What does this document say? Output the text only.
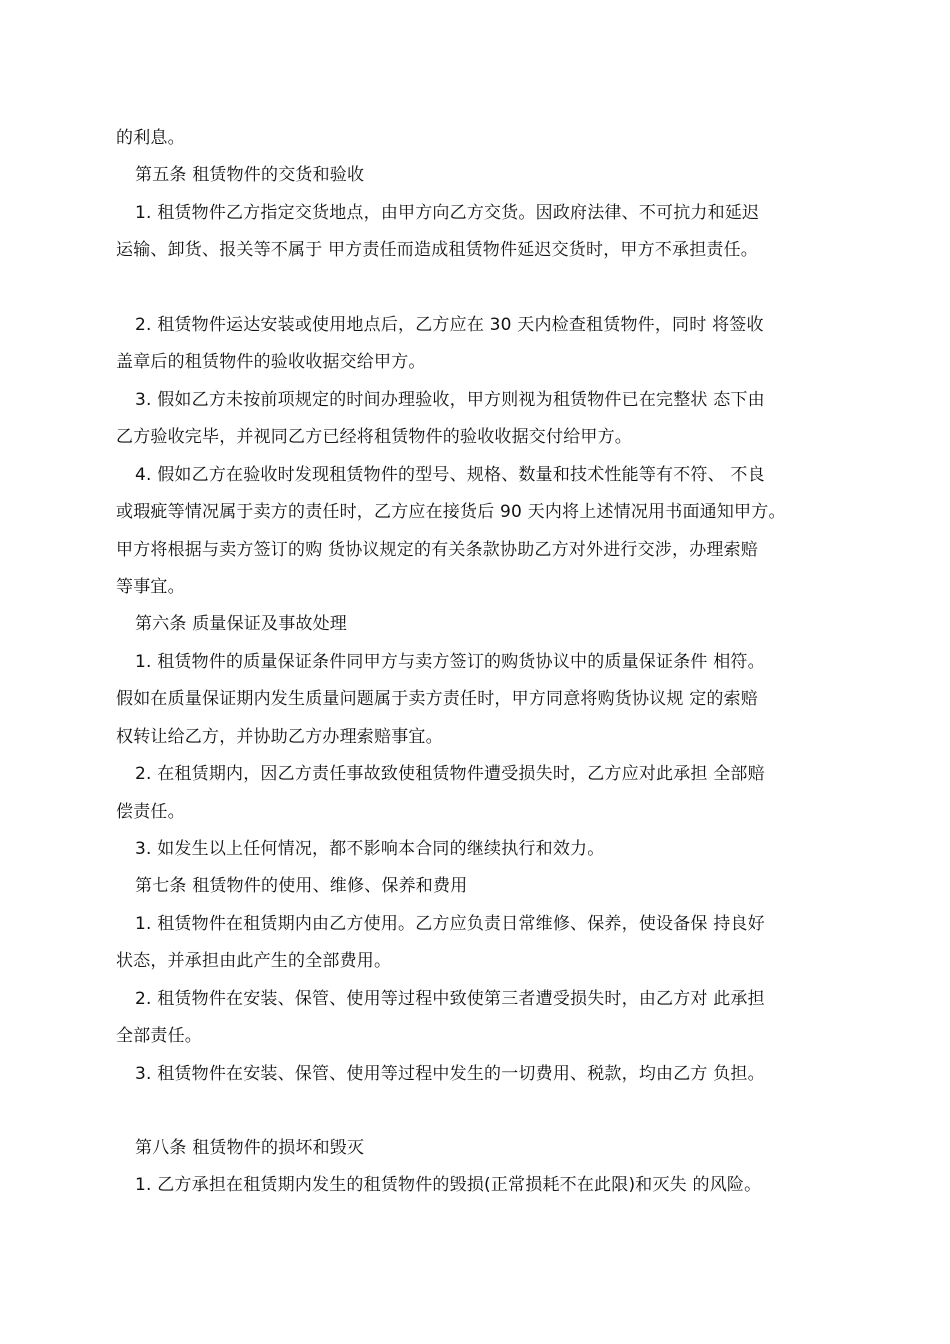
的利息。
第五条 租赁物件的交货和验收
1. 租赁物件乙方指定交货地点，由甲方向乙方交货。因政府法律、不可抗力和延迟
运输、卸货、报关等不属于 甲方责任而造成租赁物件延迟交货时，甲方不承担责任。
2. 租赁物件运达安装或使用地点后，乙方应在 30 天内检查租赁物件，同时 将签收
盖章后的租赁物件的验收收据交给甲方。
3. 假如乙方未按前项规定的时间办理验收，甲方则视为租赁物件已在完整状 态下由
乙方验收完毕，并视同乙方已经将租赁物件的验收收据交付给甲方。
4. 假如乙方在验收时发现租赁物件的型号、规格、数量和技术性能等有不符、 不良
或瑕疵等情况属于卖方的责任时，乙方应在接货后 90 天内将上述情况用书面通知甲方。
甲方将根据与卖方签订的购 货协议规定的有关条款协助乙方对外进行交涉，办理索赔
等事宜。
第六条 质量保证及事故处理
1. 租赁物件的质量保证条件同甲方与卖方签订的购货协议中的质量保证条件 相符。
假如在质量保证期内发生质量问题属于卖方责任时，甲方同意将购货协议规 定的索赔
权转让给乙方，并协助乙方办理索赔事宜。
2. 在租赁期内，因乙方责任事故致使租赁物件遭受损失时，乙方应对此承担 全部赔
偿责任。
3. 如发生以上任何情况，都不影响本合同的继续执行和效力。
第七条 租赁物件的使用、维修、保养和费用
1. 租赁物件在租赁期内由乙方使用。乙方应负责日常维修、保养，使设备保 持良好
状态，并承担由此产生的全部费用。
2. 租赁物件在安装、保管、使用等过程中致使第三者遭受损失时，由乙方对 此承担
全部责任。
3. 租赁物件在安装、保管、使用等过程中发生的一切费用、税款，均由乙方 负担。
第八条 租赁物件的损坏和毁灭
1. 乙方承担在租赁期内发生的租赁物件的毁损(正常损耗不在此限)和灭失 的风险。
